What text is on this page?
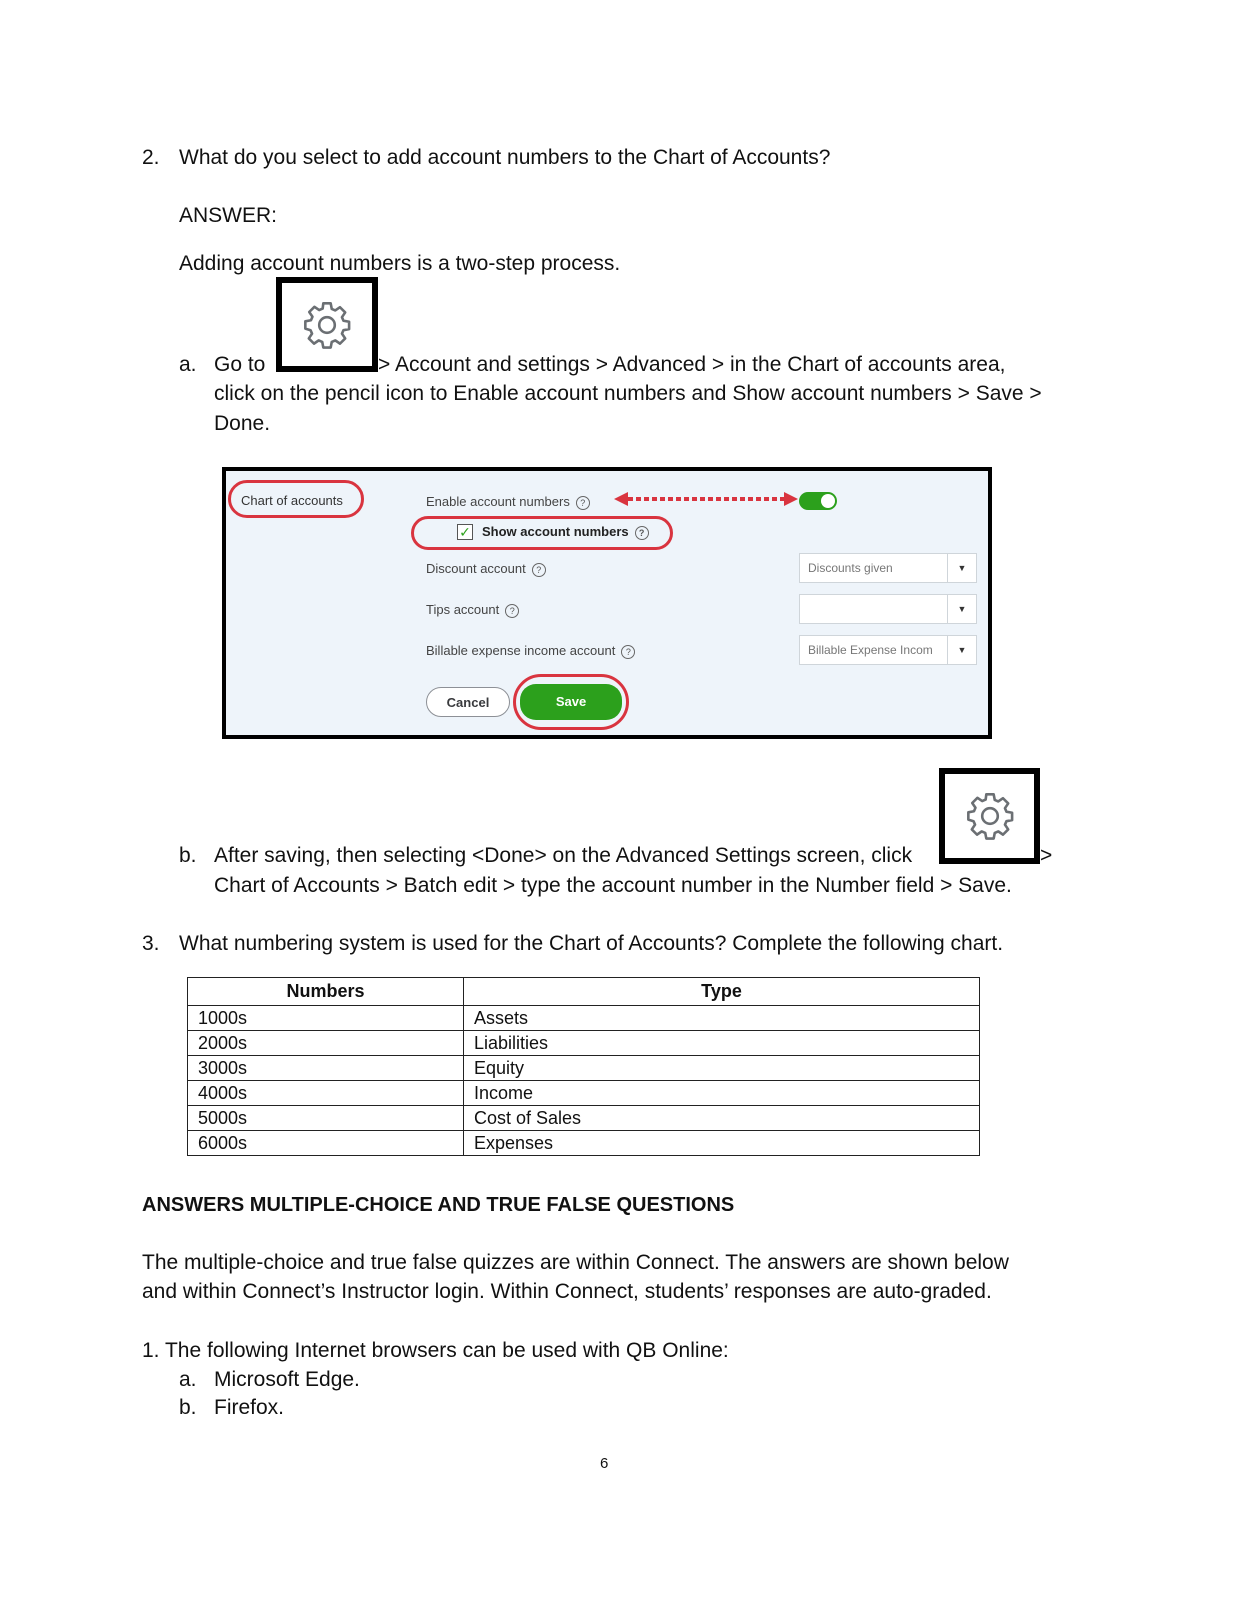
2. What do you select to add account numbers to the Chart of Accounts?
ANSWER:
Adding account numbers is a two-step process.
a. Go to	> Account and settings > Advanced > in the Chart of accounts area,
click on the pencil icon to Enable account numbers and Show account numbers > Save >
Done.
Chart of accounts	Enable account numbers ?
✓ Show account numbers ?
Discount account ?	Discounts given	▼
Tips account ?	▼
Billable expense income account ?	Billable Expense Incom	▼
Cancel	Save
b. After saving, then selecting <Done> on the Advanced Settings screen, click	>
Chart of Accounts > Batch edit > type the account number in the Number field > Save.
3. What numbering system is used for the Chart of Accounts? Complete the following chart.
Numbers	Type
1000s	Assets
2000s	Liabilities
3000s	Equity
4000s	Income
5000s	Cost of Sales
6000s	Expenses
ANSWERS MULTIPLE-CHOICE AND TRUE FALSE QUESTIONS
The multiple-choice and true false quizzes are within Connect. The answers are shown below
and within Connect’s Instructor login. Within Connect, students’ responses are auto-graded.
1. The following Internet browsers can be used with QB Online:
a. Microsoft Edge.
b. Firefox.
6
